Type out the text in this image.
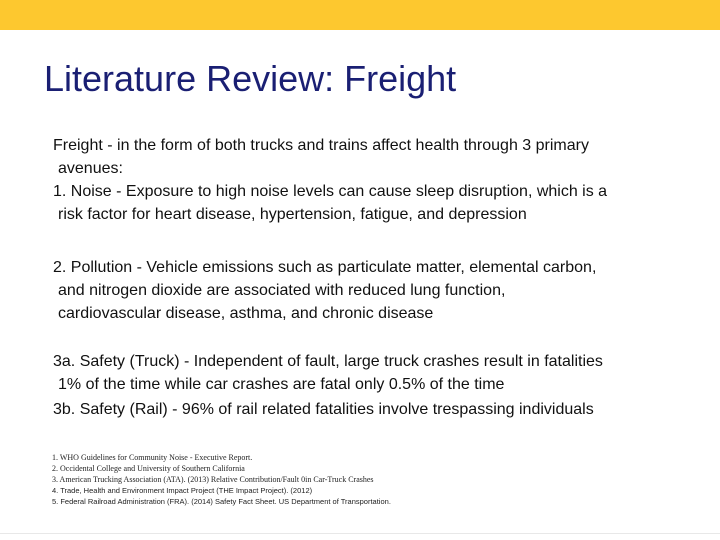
Literature Review: Freight
Freight - in the form of both trucks and trains affect health through 3 primary
avenues:
1. Noise - Exposure to high noise levels can cause sleep disruption, which is a
risk factor for heart disease, hypertension, fatigue, and depression
2. Pollution - Vehicle emissions such as particulate matter, elemental carbon,
and nitrogen dioxide are associated with reduced lung function,
cardiovascular disease, asthma, and chronic disease
3a. Safety (Truck) - Independent of fault, large truck crashes result in fatalities
1% of the time while car crashes are fatal only 0.5% of the time
3b. Safety (Rail) - 96% of rail related fatalities involve trespassing individuals
1. WHO Guidelines for Community Noise - Executive Report.
2. Occidental College and University of Southern California
3. American Trucking Association (ATA). (2013) Relative Contribution/Fault 0in Car-Truck Crashes
4. Trade, Health and Environment Impact Project (THE Impact Project). (2012)
5. Federal Railroad Administration (FRA). (2014) Safety Fact Sheet. US Department of Transportation.
